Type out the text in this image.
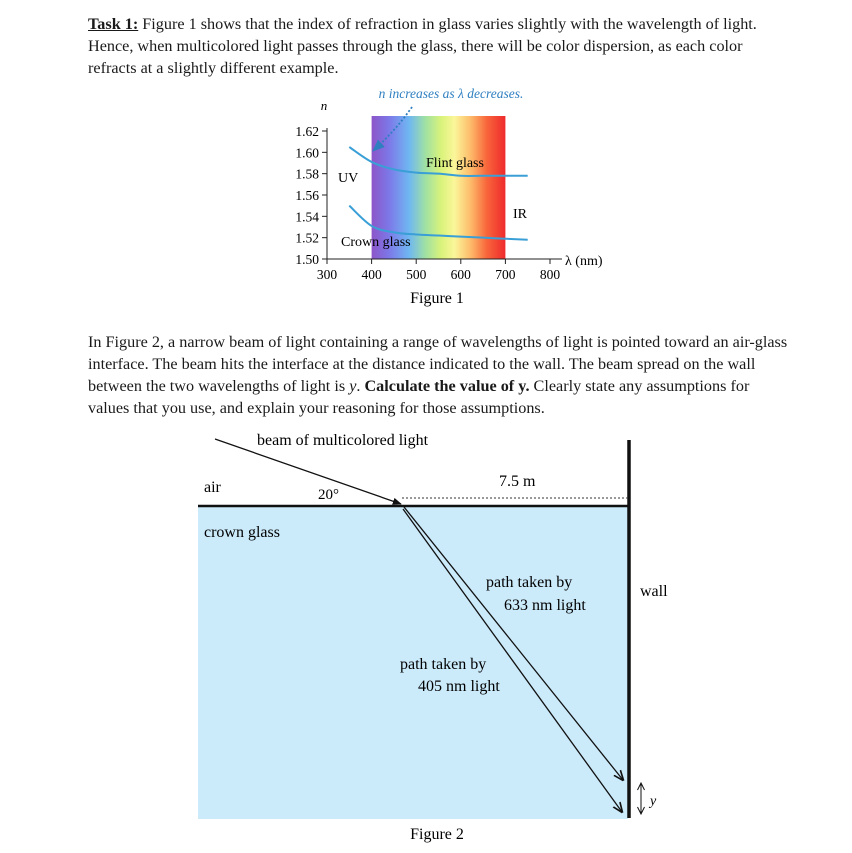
Task 1: Figure 1 shows that the index of refraction in glass varies slightly with the wavelength of light. Hence, when multicolored light passes through the glass, there will be color dispersion, as each color refracts at a slightly different example.

n increases as λ decreases.
n
1.62
1.60
1.58
1.56
1.54
1.52
1.50
300 400 500 600 700 800
λ (nm)
UV
IR
Flint glass
Crown glass
Figure 1
beam of multicolored light
air	20°
7.5 m
crown glass
wall
path taken by
633 nm light
path taken by
405 nm light
y
Figure 2

In Figure 2, a narrow beam of light containing a range of wavelengths of light is pointed toward an air-glass interface. The beam hits the interface at the distance indicated to the wall. The beam spread on the wall between the two wavelengths of light is y. Calculate the value of y. Clearly state any assumptions for values that you use, and explain your reasoning for those assumptions.
